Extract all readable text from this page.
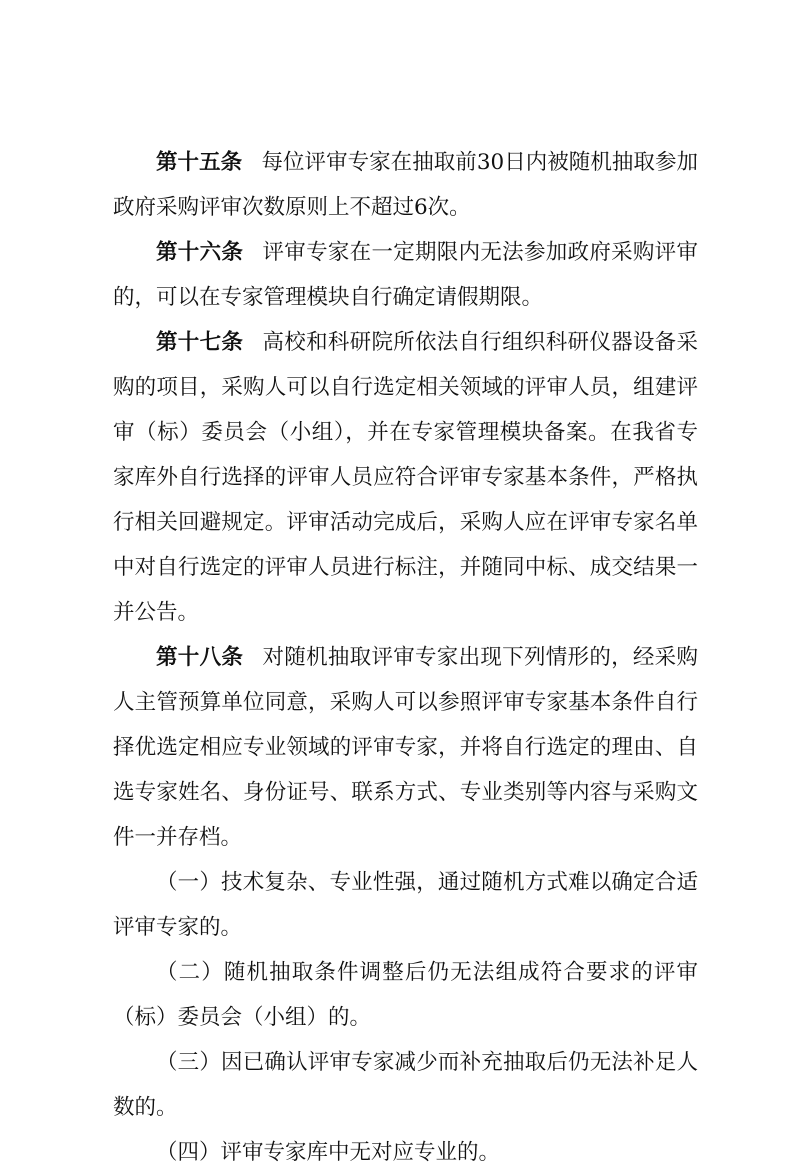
第十五条 每位评审专家在抽取前30日内被随机抽取参加政府采购评审次数原则上不超过6次。

第十六条 评审专家在一定期限内无法参加政府采购评审的，可以在专家管理模块自行确定请假期限。

第十七条 高校和科研院所依法自行组织科研仪器设备采购的项目，采购人可以自行选定相关领域的评审人员，组建评审（标）委员会（小组），并在专家管理模块备案。在我省专家库外自行选择的评审人员应符合评审专家基本条件，严格执行相关回避规定。评审活动完成后，采购人应在评审专家名单中对自行选定的评审人员进行标注，并随同中标、成交结果一并公告。

第十八条 对随机抽取评审专家出现下列情形的，经采购人主管预算单位同意，采购人可以参照评审专家基本条件自行择优选定相应专业领域的评审专家，并将自行选定的理由、自选专家姓名、身份证号、联系方式、专业类别等内容与采购文件一并存档。

（一）技术复杂、专业性强，通过随机方式难以确定合适评审专家的。

（二）随机抽取条件调整后仍无法组成符合要求的评审（标）委员会（小组）的。

（三）因已确认评审专家减少而补充抽取后仍无法补足人数的。

（四）评审专家库中无对应专业的。
